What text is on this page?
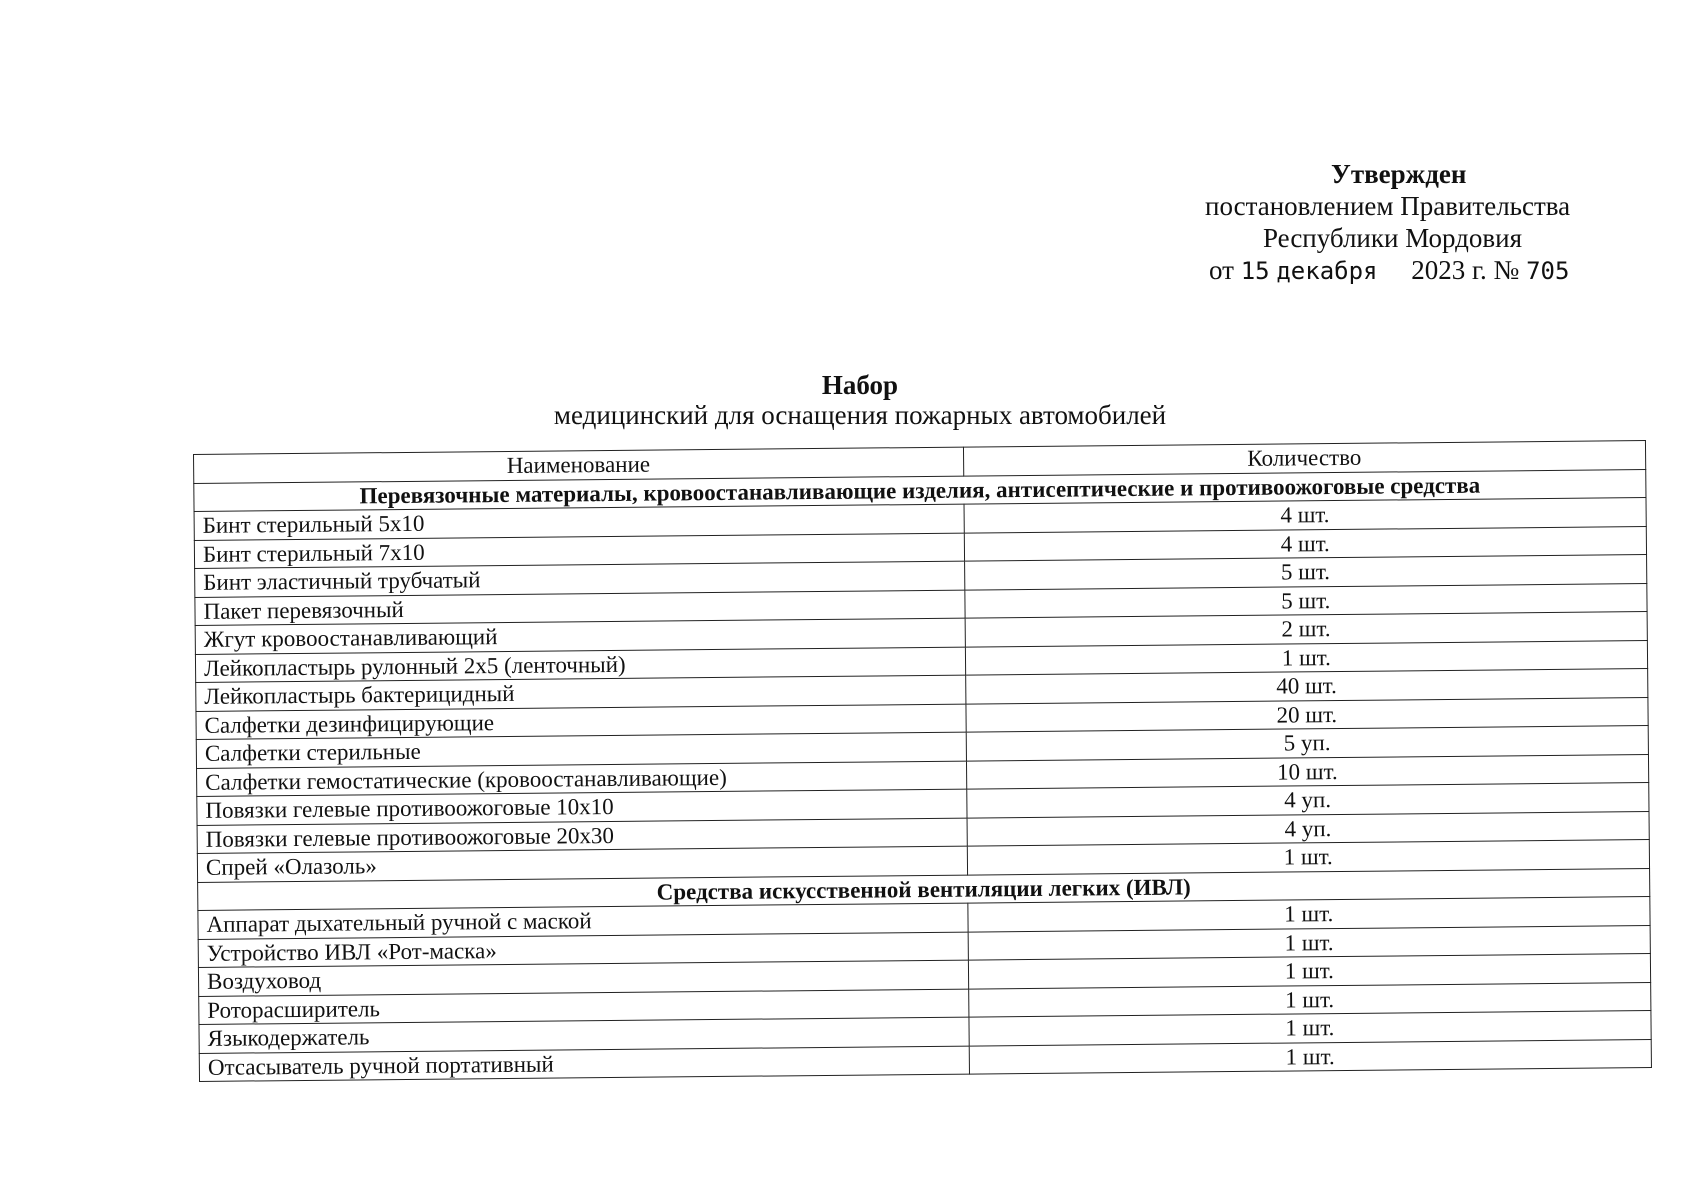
Утвержден
постановлением Правительства
Республики Мордовия
от 15 декабря 2023 г. № 705
Набор
медицинский для оснащения пожарных автомобилей
Наименование	Количество
Перевязочные материалы, кровоостанавливающие изделия, антисептические и противоожоговые средства	
Бинт стерильный 5x10	4 шт.
Бинт стерильный 7x10	4 шт.
Бинт эластичный трубчатый	5 шт.
Пакет перевязочный	5 шт.
Жгут кровоостанавливающий	2 шт.
Лейкопластырь рулонный 2x5 (ленточный)	1 шт.
Лейкопластырь бактерицидный	40 шт.
Салфетки дезинфицирующие	20 шт.
Салфетки стерильные	5 уп.
Салфетки гемостатические (кровоостанавливающие)	10 шт.
Повязки гелевые противоожоговые 10x10	4 уп.
Повязки гелевые противоожоговые 20x30	4 уп.
Спрей «Олазоль»	1 шт.
Средства искусственной вентиляции легких (ИВЛ)	
Аппарат дыхательный ручной с маской	1 шт.
Устройство ИВЛ «Рот-маска»	1 шт.
Воздуховод	1 шт.
Роторасширитель	1 шт.
Языкодержатель	1 шт.
Отсасыватель ручной портативный	1 шт.
